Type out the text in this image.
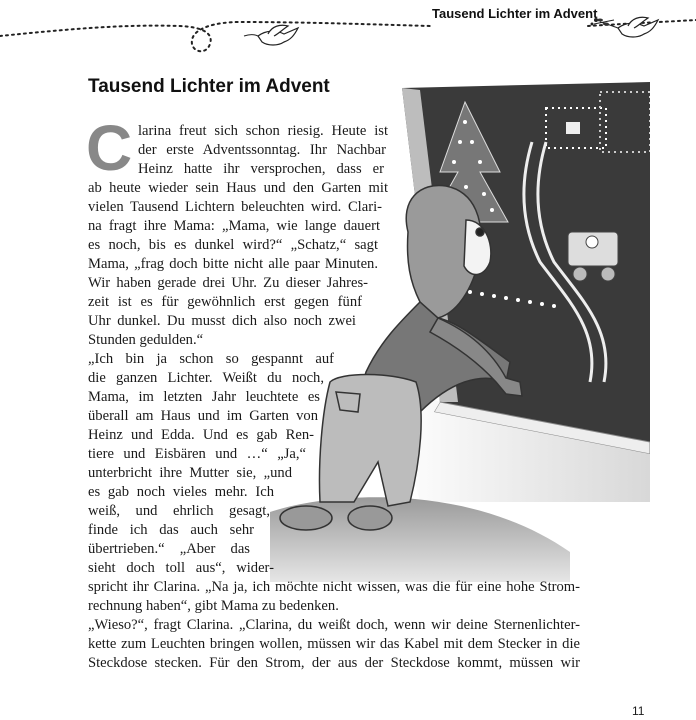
Tausend Lichter im Advent
Tausend Lichter im Advent
C larina freut sich schon riesig. Heute ist
der erste Adventssonntag. Ihr Nachbar
Heinz hatte ihr versprochen, dass er
ab heute wieder sein Haus und den Garten mit
vielen Tausend Lichtern beleuchten wird. Clari-
na fragt ihre Mama: „Mama, wie lange dauert
es noch, bis es dunkel wird?“ „Schatz,“ sagt
Mama, „frag doch bitte nicht alle paar Minuten.
Wir haben gerade drei Uhr. Zu dieser Jahres-
zeit ist es für gewöhnlich erst gegen fünf
Uhr dunkel. Du musst dich also noch zwei
Stunden gedulden.“
„Ich bin ja schon so gespannt auf
die ganzen Lichter. Weißt du noch,
Mama, im letzten Jahr leuchtete es
überall am Haus und im Garten von
Heinz und Edda. Und es gab Ren-
tiere und Eisbären und …“ „Ja,“
unterbricht ihre Mutter sie, „und
es gab noch vieles mehr. Ich
weiß, und ehrlich gesagt,
finde ich das auch sehr
übertrieben.“ „Aber das
sieht doch toll aus“, wider-
spricht ihr Clarina. „Na ja, ich möchte nicht wissen, was die für eine hohe Strom-
rechnung haben“, gibt Mama zu bedenken.
„Wieso?“, fragt Clarina. „Clarina, du weißt doch, wenn wir deine Sternenlichter-
kette zum Leuchten bringen wollen, müssen wir das Kabel mit dem Stecker in die
Steckdose stecken. Für den Strom, der aus der Steckdose kommt, müssen wir
11
